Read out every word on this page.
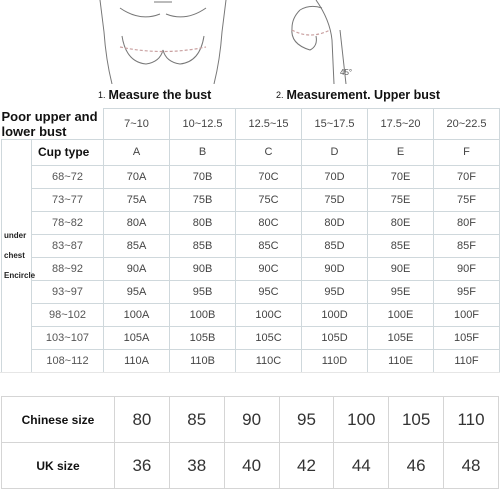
45°
1. Measure the bust	2. Measurement. Upper bust
Poor upper and lower bust		7~10	10~12.5	12.5~15	15~17.5	17.5~20	20~22.5

under
chest
Encircle	Cup type	A	B	C	D	E	F
	68~72	70A	70B	70C	70D	70E	70F
	73~77	75A	75B	75C	75D	75E	75F
	78~82	80A	80B	80C	80D	80E	80F
	83~87	85A	85B	85C	85D	85E	85F
	88~92	90A	90B	90C	90D	90E	90F
	93~97	95A	95B	95C	95D	95E	95F
	98~102	100A	100B	100C	100D	100E	100F
	103~107	105A	105B	105C	105D	105E	105F
	108~112	110A	110B	110C	110D	110E	110F
Chinese size	80	85	90	95	100	105	110
UK size	36	38	40	42	44	46	48
